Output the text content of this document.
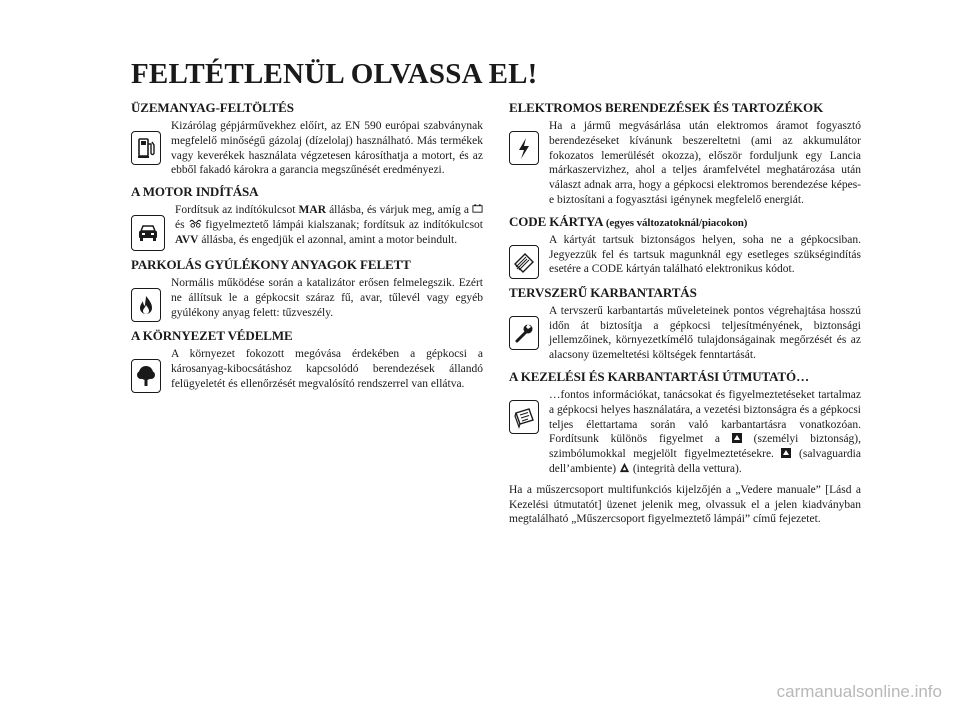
FELTÉTLENÜL OLVASSA EL!
ÜZEMANYAG-FELTÖLTÉS

Kizárólag gépjárművekhez előírt, az EN 590 európai szabványnak megfelelő minőségű gázolaj (dízelolaj) használható. Más termékek vagy keverékek használata végzetesen károsíthatja a motort, és az ebből fakadó károkra a garancia megszűnését eredményezi.

A MOTOR INDÍTÁSA

Fordítsuk az indítókulcsot MAR állásba, és várjuk meg, amíg a  és  figyelmeztető lámpái kialszanak; fordítsuk az indítókulcsot AVV állásba, és engedjük el azonnal, amint a motor beindult.

PARKOLÁS GYÚLÉKONY ANYAGOK FELETT

Normális működése során a katalizátor erősen felmelegszik. Ezért ne állítsuk le a gépkocsit száraz fű, avar, tűlevél vagy egyéb gyúlékony anyag felett: tűzveszély.

A KÖRNYEZET VÉDELME

A környezet fokozott megóvása érdekében a gépkocsi a károsanyag-kibocsátáshoz kapcsolódó berendezések állandó felügyeletét és ellenőrzését megvalósító rendszerrel van ellátva.

ELEKTROMOS BERENDEZÉSEK ÉS TARTOZÉKOK

Ha a jármű megvásárlása után elektromos áramot fogyasztó berendezéseket kívánunk beszereltetni (ami az akkumulátor fokozatos lemerülését okozza), először forduljunk egy Lancia márkaszervizhez, ahol a teljes áramfelvétel meghatározása után választ adnak arra, hogy a gépkocsi elektromos berendezése képes-e biztosítani a fogyasztási igénynek megfelelő energiát.

CODE KÁRTYA (egyes változatoknál/piacokon)

A kártyát tartsuk biztonságos helyen, soha ne a gépkocsiban. Jegyezzük fel és tartsuk magunknál egy esetleges szükségindítás esetére a CODE kártyán található elektronikus kódot.

TERVSZERŰ KARBANTARTÁS

A tervszerű karbantartás műveleteinek pontos végrehajtása hosszú időn át biztosítja a gépkocsi teljesítményének, biztonsági jellemzőinek, környezetkímélő tulajdonságainak megőrzését és az alacsony üzemeltetési költségek fenntartását.

A KEZELÉSI ÉS KARBANTARTÁSI ÚTMUTATÓ…

…fontos információkat, tanácsokat és figyelmeztetéseket tartalmaz a gépkocsi helyes használatára, a vezetési biztonságra és a gépkocsi teljes élettartama során való karbantartásra vonatkozóan. Fordítsunk különös figyelmet a  (személyi biztonság), szimbólumokkal megjelölt figyelmeztetésekre.  (salvaguardia dell’ambiente)  (integrità della vettura).

Ha a műszercsoport multifunkciós kijelzőjén a „Vedere manuale” [Lásd a Kezelési útmutatót] üzenet jelenik meg, olvassuk el a jelen kiadványban megtalálható „Műszercsoport figyelmeztető lámpái” című fejezetet.

carmanualsonline.info
